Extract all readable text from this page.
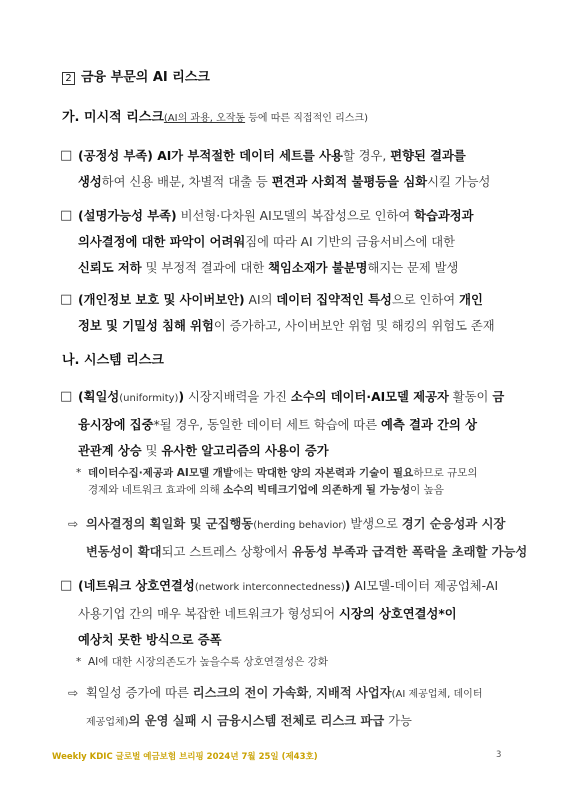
2 금융 부문의 AI 리스크
가. 미시적 리스크(AI의 과용, 오작동 등에 따른 직접적인 리스크)
□ (공정성 부족) AI가 부적절한 데이터 세트를 사용할 경우, 편향된 결과를
생성하여 신용 배분, 차별적 대출 등 편견과 사회적 불평등을 심화시킬 가능성
□ (설명가능성 부족) 비선형·다차원 AI모델의 복잡성으로 인하여 학습과정과
의사결정에 대한 파악이 어려워짐에 따라 AI 기반의 금융서비스에 대한
신뢰도 저하 및 부정적 결과에 대한 책임소재가 불분명해지는 문제 발생
□ (개인정보 보호 및 사이버보안) AI의 데이터 집약적인 특성으로 인하여 개인
정보 및 기밀성 침해 위험이 증가하고, 사이버보안 위험 및 해킹의 위험도 존재
나. 시스템 리스크
□ (획일성(uniformity)) 시장지배력을 가진 소수의 데이터·AI모델 제공자 활동이 금
융시장에 집중*될 경우, 동일한 데이터 세트 학습에 따른 예측 결과 간의 상
관관계 상승 및 유사한 알고리즘의 사용이 증가
* 데이터수집·제공과 AI모델 개발에는 막대한 양의 자본력과 기술이 필요하므로 규모의
경제와 네트워크 효과에 의해 소수의 빅테크기업에 의존하게 될 가능성이 높음
⇨ 의사결정의 획일화 및 군집행동(herding behavior) 발생으로 경기 순응성과 시장
변동성이 확대되고 스트레스 상황에서 유동성 부족과 급격한 폭락을 초래할 가능성
□ (네트워크 상호연결성(network interconnectedness)) AI모델-데이터 제공업체-AI
사용기업 간의 매우 복잡한 네트워크가 형성되어 시장의 상호연결성*이
예상치 못한 방식으로 증폭
* AI에 대한 시장의존도가 높을수록 상호연결성은 강화
⇨ 획일성 증가에 따른 리스크의 전이 가속화, 지배적 사업자(AI 제공업체, 데이터
제공업체)의 운영 실패 시 금융시스템 전체로 리스크 파급 가능
Weekly KDIC 글로벌 예금보험 브리핑 2024년 7월 25일 (제43호)	3
